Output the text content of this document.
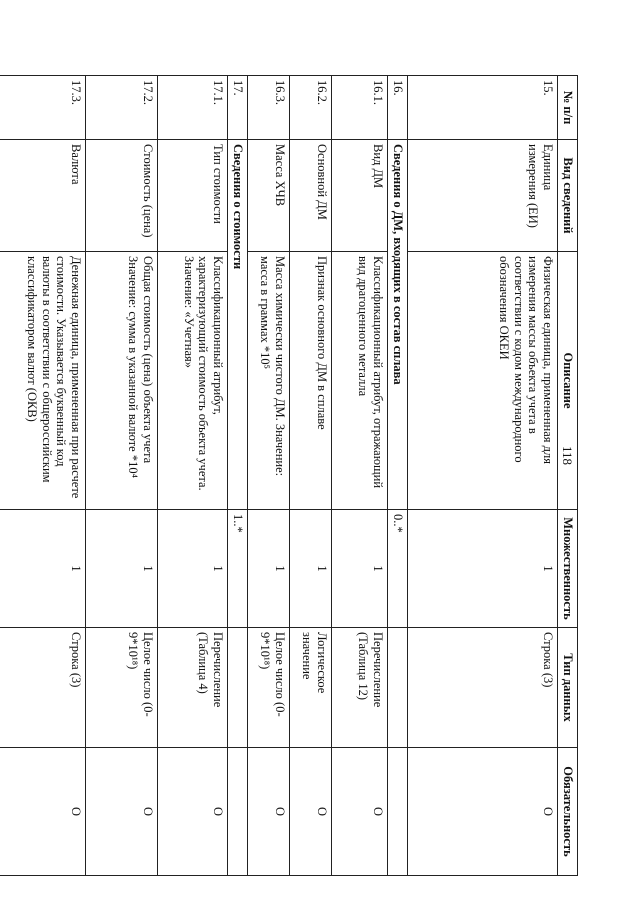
118
№ п/п	Вид сведений	Описание	Множественность	Тип данных	Обязательность
15.	Единица измерения (ЕИ)	Физическая единица, примененная для измерения массы объекта учета в соответствии с кодом международного обозначения ОКЕИ	1	Строка (3)	О
16.	Сведения о ДМ, входящих в состав сплава		0..*		
16.1.	Вид ДМ	Классификационный атрибут, отражающий вид драгоценного металла	1	Перечисление (Таблица 12)	О
16.2.	Основной ДМ	Признак основного ДМ в сплаве	1	Логическое значение	О
16.3.	Масса ХЧВ	Масса химически чистого ДМ. Значение: масса в граммах *10⁵	1	Целое число (0-9*10¹⁸)	О
17.	Сведения о стоимости		1..*		
17.1.	Тип стоимости	Классификационный атрибут, характеризующий стоимость объекта учета. Значение: «Учетная»	1	Перечисление (Таблица 4)	О
17.2.	Стоимость (цена)	Общая стоимость (цена) объекта учета Значение: сумма в указанной валюте *10⁴	1	Целое число (0-9*10¹⁸)	О
17.3.	Валюта	Денежная единица, примененная при расчете стоимости. Указывается буквенный код валюты в соответствии с общероссийским классификатором валют (ОКВ)	1	Строка (3)	О
